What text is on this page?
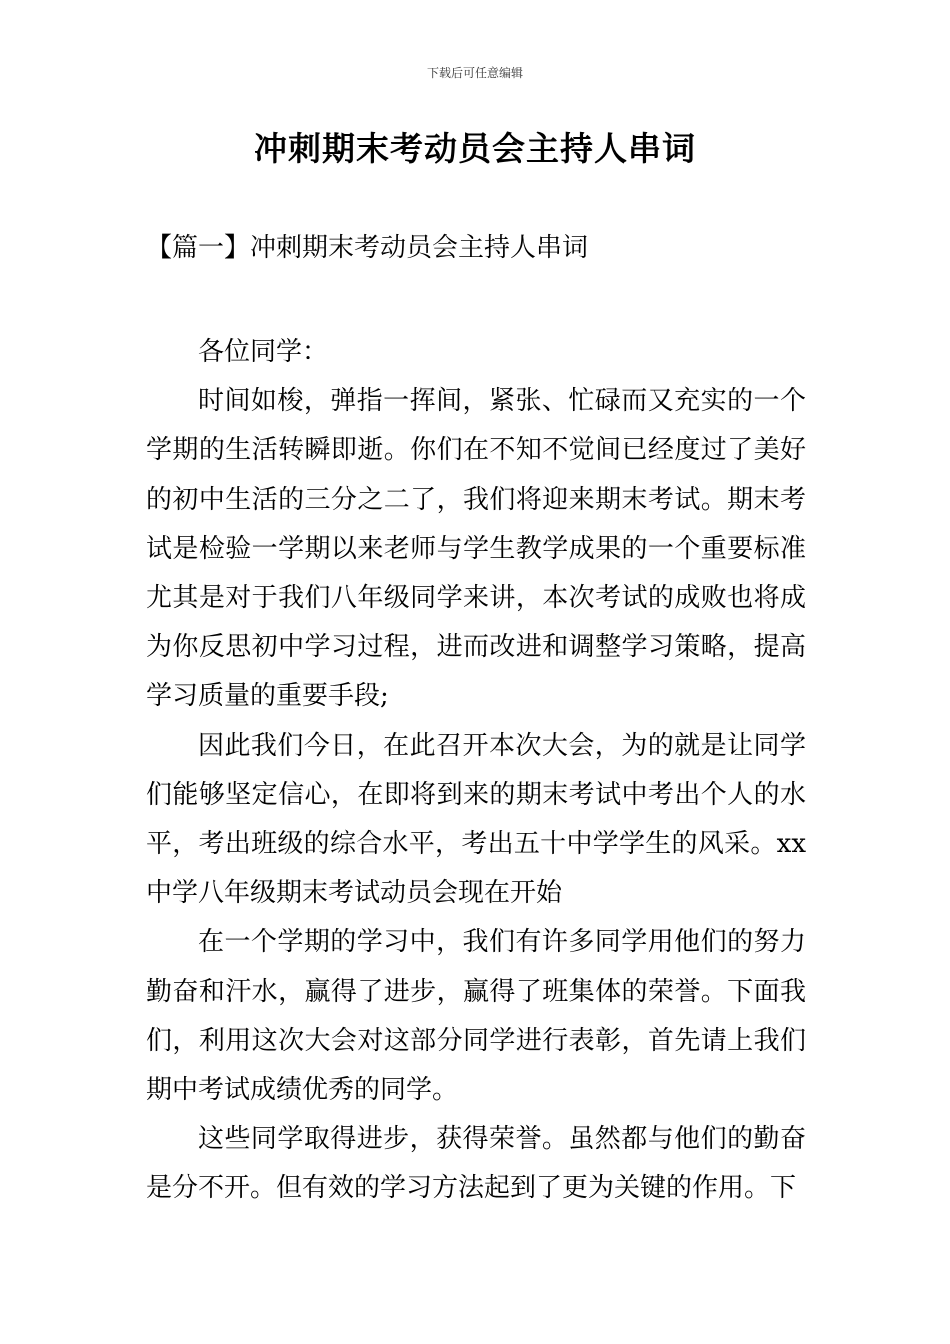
下载后可任意编辑
冲刺期末考动员会主持人串词
【篇一】冲刺期末考动员会主持人串词

各位同学：

时间如梭，弹指一挥间，紧张、忙碌而又充实的一个学期的生活转瞬即逝。你们在不知不觉间已经度过了美好的初中生活的三分之二了，我们将迎来期末考试。期末考试是检验一学期以来老师与学生教学成果的一个重要标准尤其是对于我们八年级同学来讲，本次考试的成败也将成为你反思初中学习过程，进而改进和调整学习策略，提高学习质量的重要手段;

因此我们今日，在此召开本次大会，为的就是让同学们能够坚定信心，在即将到来的期末考试中考出个人的水平，考出班级的综合水平，考出五十中学学生的风采。xx中学八年级期末考试动员会现在开始

在一个学期的学习中，我们有许多同学用他们的努力勤奋和汗水，赢得了进步，赢得了班集体的荣誉。下面我们，利用这次大会对这部分同学进行表彰，首先请上我们期中考试成绩优秀的同学。

这些同学取得进步，获得荣誉。虽然都与他们的勤奋是分不开。但有效的学习方法起到了更为关键的作用。下
